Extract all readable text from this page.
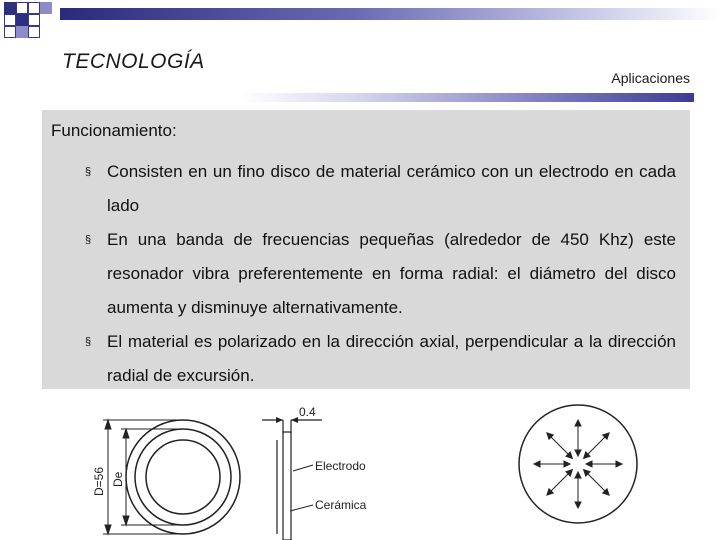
TECNOLOGÍA
Aplicaciones

Funcionamiento:

§ Consisten en un fino disco de material cerámico con un electrodo en cada lado

§ En una banda de frecuencias pequeñas (alrededor de 450 Khz) este resonador vibra preferentemente en forma radial: el diámetro del disco aumenta y disminuye alternativamente.

§ El material es polarizado en la dirección axial, perpendicular a la dirección radial de excursión.

D=56 De
0.4
Electrodo
Cerámica
